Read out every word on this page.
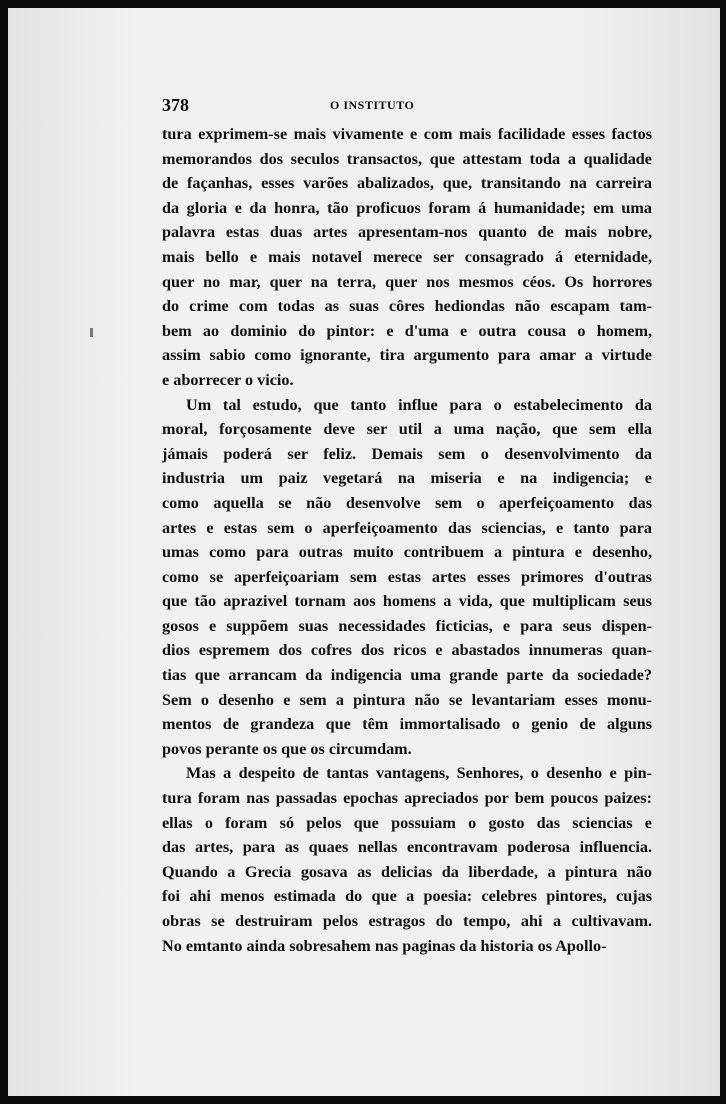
378	O INSTITUTO
tura exprimem-se mais vivamente e com mais facilidade esses factos
memorandos dos seculos transactos, que attestam toda a qualidade
de façanhas, esses varões abalizados, que, transitando na carreira
da gloria e da honra, tão proficuos foram á humanidade; em uma
palavra estas duas artes apresentam-nos quanto de mais nobre,
mais bello e mais notavel merece ser consagrado á eternidade,
quer no mar, quer na terra, quer nos mesmos céos. Os horrores
do crime com todas as suas côres hediondas não escapam tam-
bem ao dominio do pintor: e d'uma e outra cousa o homem,
assim sabio como ignorante, tira argumento para amar a virtude
e aborrecer o vicio.
Um tal estudo, que tanto influe para o estabelecimento da
moral, forçosamente deve ser util a uma nação, que sem ella
jámais poderá ser feliz. Demais sem o desenvolvimento da
industria um paiz vegetará na miseria e na indigencia; e
como aquella se não desenvolve sem o aperfeiçoamento das
artes e estas sem o aperfeiçoamento das sciencias, e tanto para
umas como para outras muito contribuem a pintura e desenho,
como se aperfeiçoariam sem estas artes esses primores d'outras
que tão aprazivel tornam aos homens a vida, que multiplicam seus
gosos e suppõem suas necessidades ficticias, e para seus dispen-
dios espremem dos cofres dos ricos e abastados innumeras quan-
tias que arrancam da indigencia uma grande parte da sociedade?
Sem o desenho e sem a pintura não se levantariam esses monu-
mentos de grandeza que têm immortalisado o genio de alguns
povos perante os que os circumdam.
Mas a despeito de tantas vantagens, Senhores, o desenho e pin-
tura foram nas passadas epochas apreciados por bem poucos paizes:
ellas o foram só pelos que possuiam o gosto das sciencias e
das artes, para as quaes nellas encontravam poderosa influencia.
Quando a Grecia gosava as delicias da liberdade, a pintura não
foi ahi menos estimada do que a poesia: celebres pintores, cujas
obras se destruiram pelos estragos do tempo, ahi a cultivavam.
No emtanto ainda sobresahem nas paginas da historia os Apollo-
